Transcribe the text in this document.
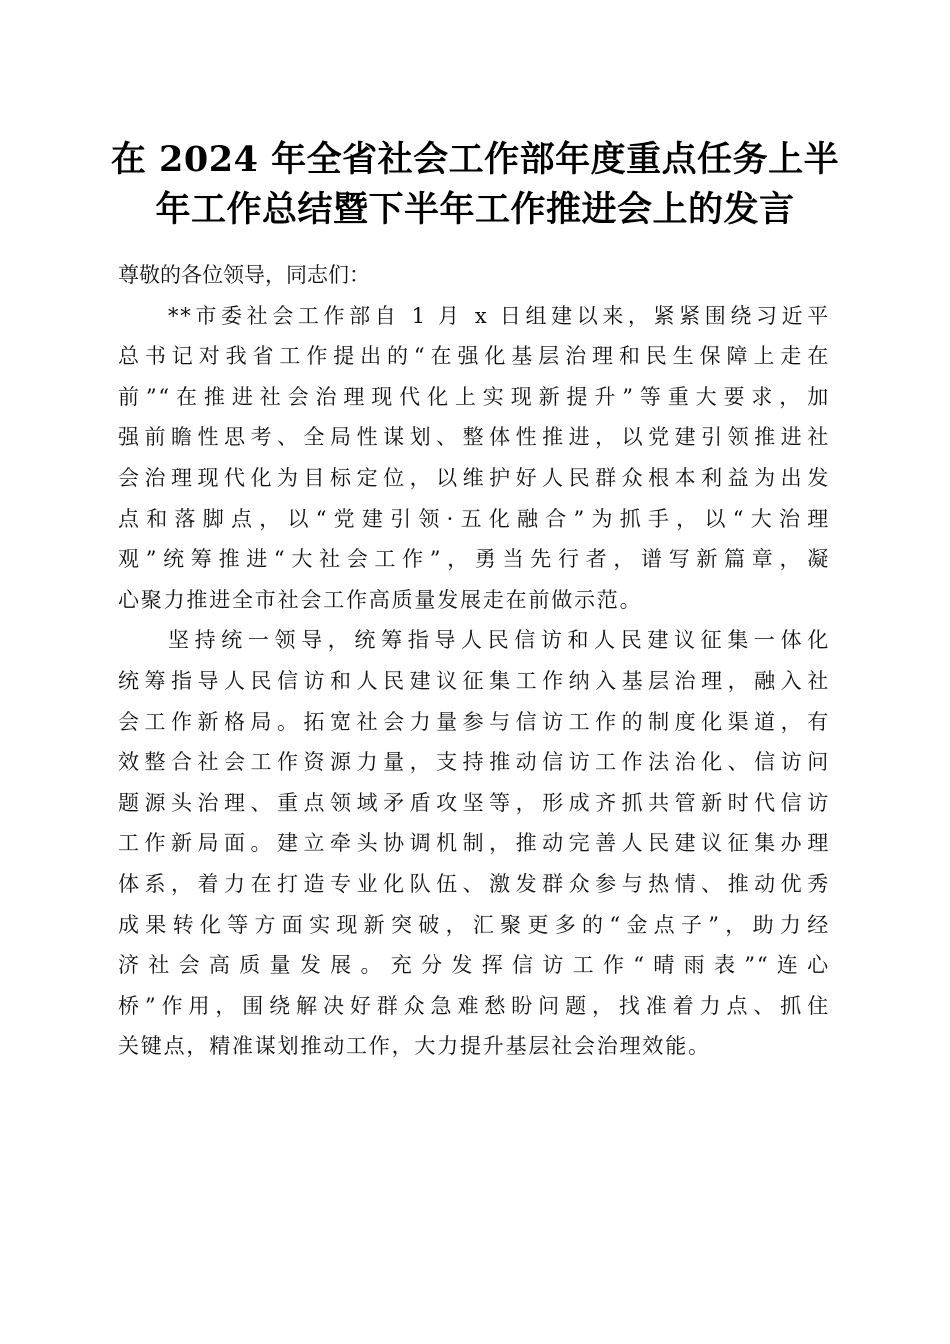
在 2024 年全省社会工作部年度重点任务上半
年工作总结暨下半年工作推进会上的发言

尊敬的各位领导，同志们：

**市委社会工作部自 1 月 x 日组建以来，紧紧围绕习近平
总书记对我省工作提出的“在强化基层治理和民生保障上走在
前”“在推进社会治理现代化上实现新提升”等重大要求，加
强前瞻性思考、全局性谋划、整体性推进，以党建引领推进社
会治理现代化为目标定位，以维护好人民群众根本利益为出发
点和落脚点，以“党建引领·五化融合”为抓手，以“大治理
观”统筹推进“大社会工作”，勇当先行者，谱写新篇章，凝
心聚力推进全市社会工作高质量发展走在前做示范。

坚持统一领导，统筹指导人民信访和人民建议征集一体化
统筹指导人民信访和人民建议征集工作纳入基层治理，融入社
会工作新格局。拓宽社会力量参与信访工作的制度化渠道，有
效整合社会工作资源力量，支持推动信访工作法治化、信访问
题源头治理、重点领域矛盾攻坚等，形成齐抓共管新时代信访
工作新局面。建立牵头协调机制，推动完善人民建议征集办理
体系，着力在打造专业化队伍、激发群众参与热情、推动优秀
成果转化等方面实现新突破，汇聚更多的“金点子”，助力经
济社会高质量发展。充分发挥信访工作“晴雨表”“连心
桥”作用，围绕解决好群众急难愁盼问题，找准着力点、抓住
关键点，精准谋划推动工作，大力提升基层社会治理效能。
